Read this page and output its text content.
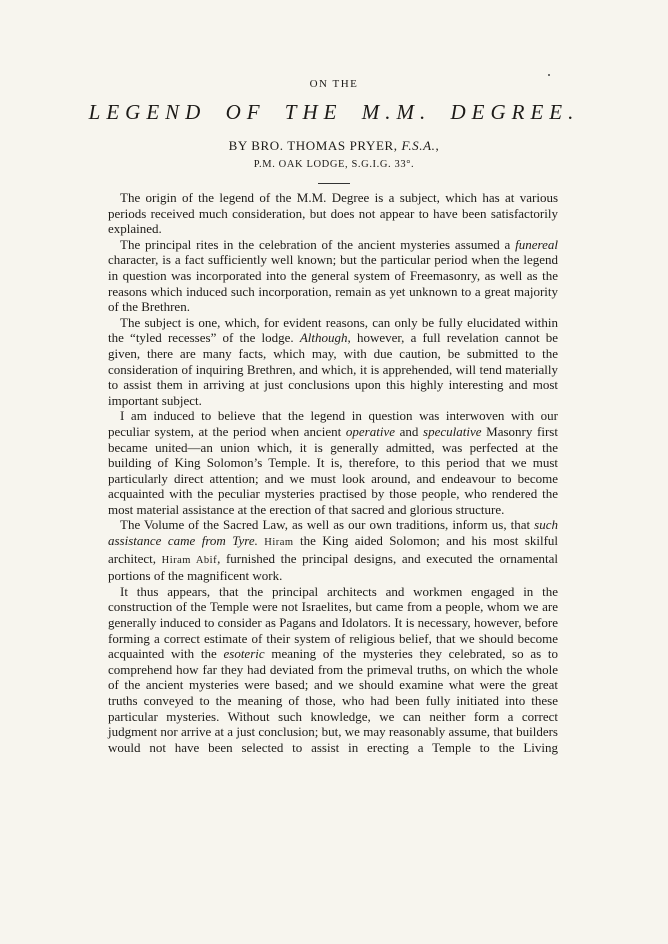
ON THE
LEGEND OF THE M.M. DEGREE.
BY BRO. THOMAS PRYER, F.S.A.,
P.M. OAK LODGE, S.G.I.G. 33°.

The origin of the legend of the M.M. Degree is a subject, which has at various periods received much consideration, but does not appear to have been satisfactorily explained.

The principal rites in the celebration of the ancient mysteries assumed a funereal character, is a fact sufficiently well known; but the particular period when the legend in question was incorporated into the general system of Freemasonry, as well as the reasons which induced such incorporation, remain as yet unknown to a great majority of the Brethren.

The subject is one, which, for evident reasons, can only be fully elucidated within the “tyled recesses” of the lodge. Although, however, a full revelation cannot be given, there are many facts, which may, with due caution, be submitted to the consideration of inquiring Brethren, and which, it is apprehended, will tend materially to assist them in arriving at just conclusions upon this highly interesting and most important subject.

I am induced to believe that the legend in question was interwoven with our peculiar system, at the period when ancient operative and speculative Masonry first became united—an union which, it is generally admitted, was perfected at the building of King Solomon’s Temple. It is, therefore, to this period that we must particularly direct attention; and we must look around, and endeavour to become acquainted with the peculiar mysteries practised by those people, who rendered the most material assistance at the erection of that sacred and glorious structure.

The Volume of the Sacred Law, as well as our own traditions, inform us, that such assistance came from Tyre. Hiram the King aided Solomon; and his most skilful architect, Hiram Abif, furnished the principal designs, and executed the ornamental portions of the magnificent work.

It thus appears, that the principal architects and workmen engaged in the construction of the Temple were not Israelites, but came from a people, whom we are generally induced to consider as Pagans and Idolators. It is necessary, however, before forming a correct estimate of their system of religious belief, that we should become acquainted with the esoteric meaning of the mysteries they celebrated, so as to comprehend how far they had deviated from the primeval truths, on which the whole of the ancient mysteries were based; and we should examine what were the great truths conveyed to the meaning of those, who had been fully initiated into these particular mysteries. Without such knowledge, we can neither form a correct judgment nor arrive at a just conclusion; but, we may reasonably assume, that builders would not have been selected to assist in erecting a Temple to the Living
